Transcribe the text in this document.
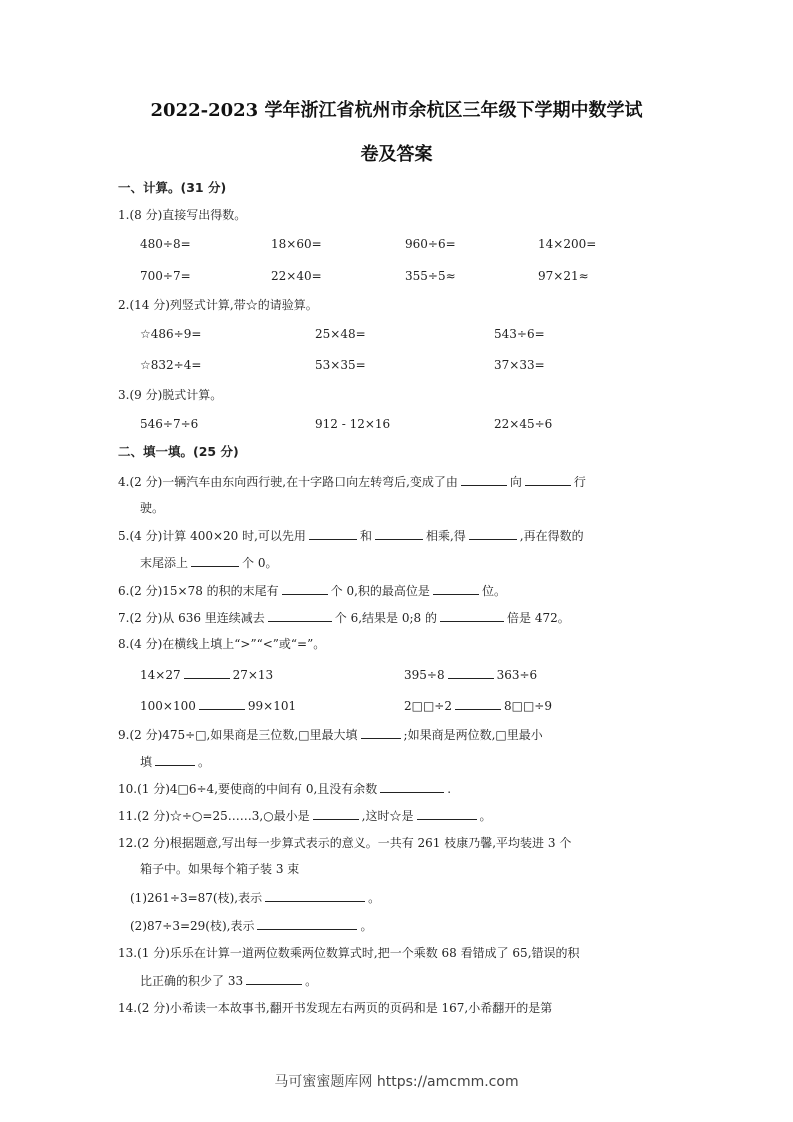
2022-2023 学年浙江省杭州市余杭区三年级下学期中数学试
卷及答案
一、计算。(31 分)
1.(8 分)直接写出得数。
480÷8=	18×60=	960÷6=	14×200=
700÷7=	22×40=	355÷5≈	97×21≈
2.(14 分)列竖式计算,带☆的请验算。
☆486÷9=	25×48=	543÷6=
☆832÷4=	53×35=	37×33=
3.(9 分)脱式计算。
546÷7÷6	912 - 12×16	22×45÷6
二、填一填。(25 分)
4.(2 分)一辆汽车由东向西行驶,在十字路口向左转弯后,变成了由	向	行
驶。
5.(4 分)计算 400×20 时,可以先用	和	相乘,得	,再在得数的
末尾添上	个 0。
6.(2 分)15×78 的积的末尾有	个 0,积的最高位是	位。
7.(2 分)从 636 里连续减去	个 6,结果是 0;8 的	倍是 472。
8.(4 分)在横线上填上“>”“<”或“=”。
14×27	27×13	395÷8	363÷6
100×100	99×101	2□□÷2	8□□÷9
9.(2 分)475÷□,如果商是三位数,□里最大填	;如果商是两位数,□里最小
填	。
10.(1 分)4□6÷4,要使商的中间有 0,且没有余数	.
11.(2 分)☆÷○=25……3,○最小是	,这时☆是	。
12.(2 分)根据题意,写出每一步算式表示的意义。一共有 261 枝康乃馨,平均装进 3 个
箱子中。如果每个箱子装 3 束
(1)261÷3=87(枝),表示	。
(2)87÷3=29(枝),表示	。
13.(1 分)乐乐在计算一道两位数乘两位数算式时,把一个乘数 68 看错成了 65,错误的积
比正确的积少了 33	。
14.(2 分)小希读一本故事书,翻开书发现左右两页的页码和是 167,小希翻开的是第
马可蜜蜜题库网 https://amcmm.com
